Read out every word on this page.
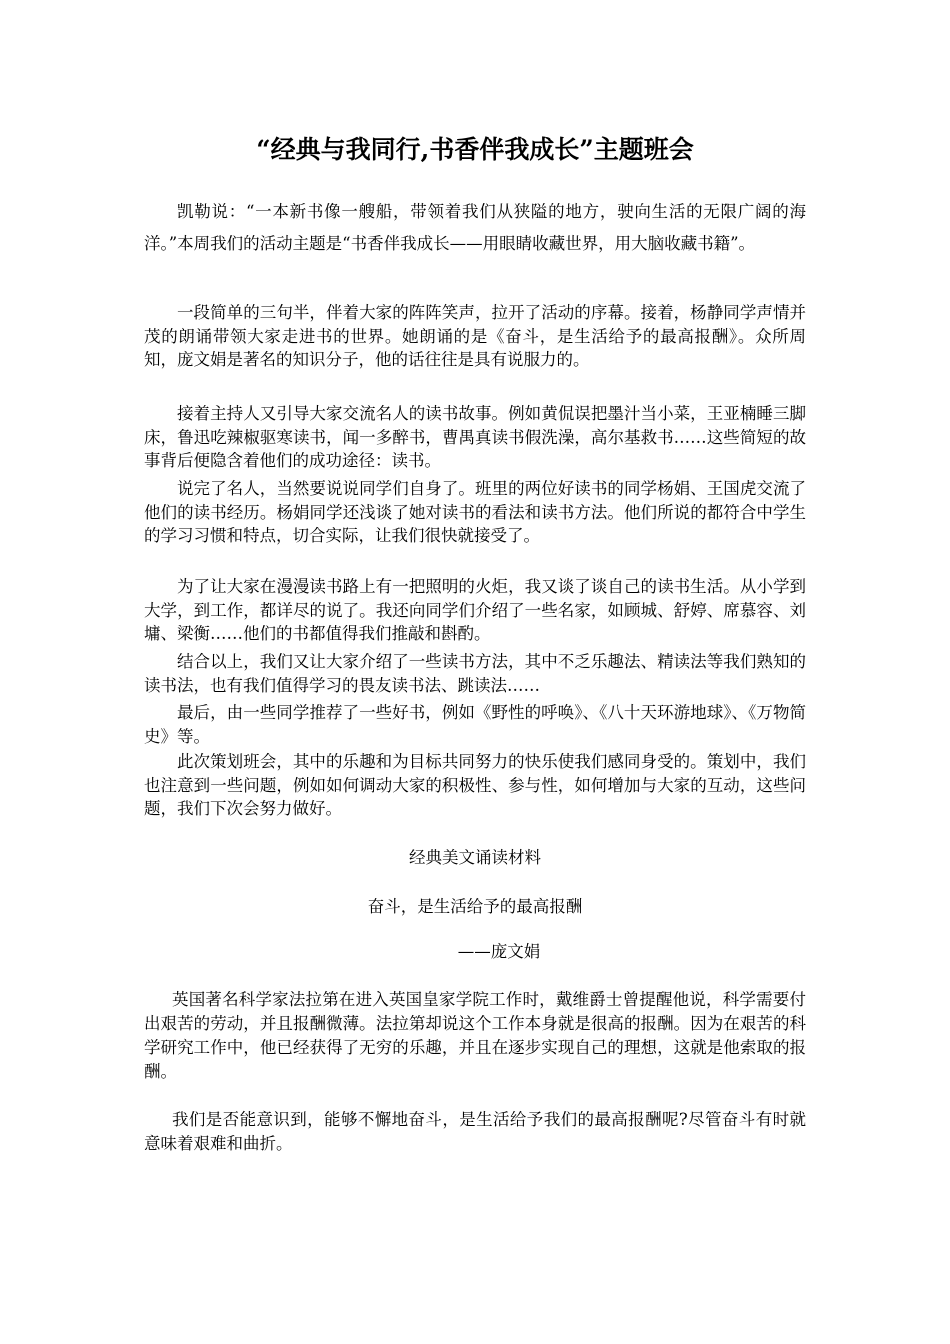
“经典与我同行,书香伴我成长”主题班会

凯勒说：“一本新书像一艘船，带领着我们从狭隘的地方，驶向生活的无限广阔的海洋。”本周我们的活动主题是“书香伴我成长——用眼睛收藏世界，用大脑收藏书籍”。

一段简单的三句半，伴着大家的阵阵笑声，拉开了活动的序幕。接着，杨静同学声情并茂的朗诵带领大家走进书的世界。她朗诵的是《奋斗，是生活给予的最高报酬》。众所周知，庞文娟是著名的知识分子，他的话往往是具有说服力的。

接着主持人又引导大家交流名人的读书故事。例如黄侃误把墨汁当小菜，王亚楠睡三脚床，鲁迅吃辣椒驱寒读书，闻一多醉书，曹禺真读书假洗澡，高尔基救书……这些简短的故事背后便隐含着他们的成功途径：读书。

说完了名人，当然要说说同学们自身了。班里的两位好读书的同学杨娟、王国虎交流了他们的读书经历。杨娟同学还浅谈了她对读书的看法和读书方法。他们所说的都符合中学生的学习习惯和特点，切合实际，让我们很快就接受了。

为了让大家在漫漫读书路上有一把照明的火炬，我又谈了谈自己的读书生活。从小学到大学，到工作，都详尽的说了。我还向同学们介绍了一些名家，如顾城、舒婷、席慕容、刘墉、梁衡……他们的书都值得我们推敲和斟酌。

结合以上，我们又让大家介绍了一些读书方法，其中不乏乐趣法、精读法等我们熟知的读书法，也有我们值得学习的畏友读书法、跳读法……

最后，由一些同学推荐了一些好书，例如《野性的呼唤》、《八十天环游地球》、《万物简史》等。

此次策划班会，其中的乐趣和为目标共同努力的快乐使我们感同身受的。策划中，我们也注意到一些问题，例如如何调动大家的积极性、参与性，如何增加与大家的互动，这些问题，我们下次会努力做好。

经典美文诵读材料

奋斗，是生活给予的最高报酬

——庞文娟

英国著名科学家法拉第在进入英国皇家学院工作时，戴维爵士曾提醒他说，科学需要付出艰苦的劳动，并且报酬微薄。法拉第却说这个工作本身就是很高的报酬。因为在艰苦的科学研究工作中，他已经获得了无穷的乐趣，并且在逐步实现自己的理想，这就是他索取的报酬。

我们是否能意识到，能够不懈地奋斗，是生活给予我们的最高报酬呢?尽管奋斗有时就意味着艰难和曲折。
